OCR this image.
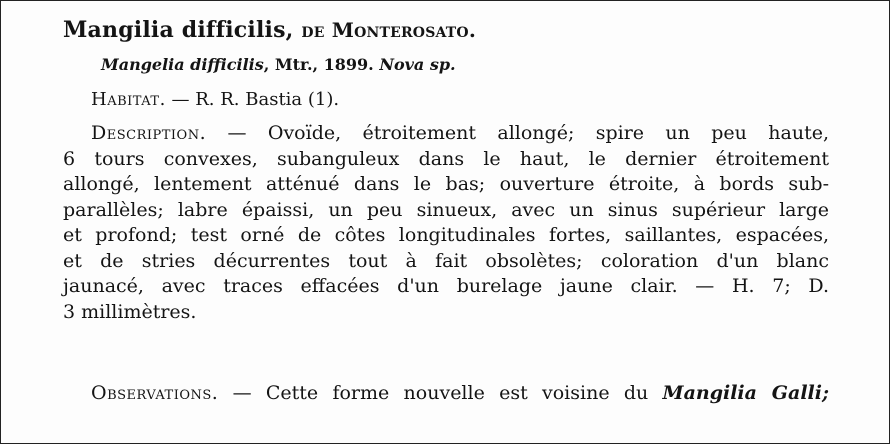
Mangilia difficilis, de Monterosato.
Mangelia difficilis, Mtr., 1899. Nova sp.
Habitat. — R. R. Bastia (1).
Description. — Ovoïde, étroitement allongé; spire un peu haute,
6 tours convexes, subanguleux dans le haut, le dernier étroitement
allongé, lentement atténué dans le bas; ouverture étroite, à bords sub-
parallèles; labre épaissi, un peu sinueux, avec un sinus supérieur large
et profond; test orné de côtes longitudinales fortes, saillantes, espacées,
et de stries décurrentes tout à fait obsolètes; coloration d'un blanc
jaunacé, avec traces effacées d'un burelage jaune clair. — H. 7; D.
3 millimètres.
Observations. — Cette forme nouvelle est voisine du Mangilia Galli;
